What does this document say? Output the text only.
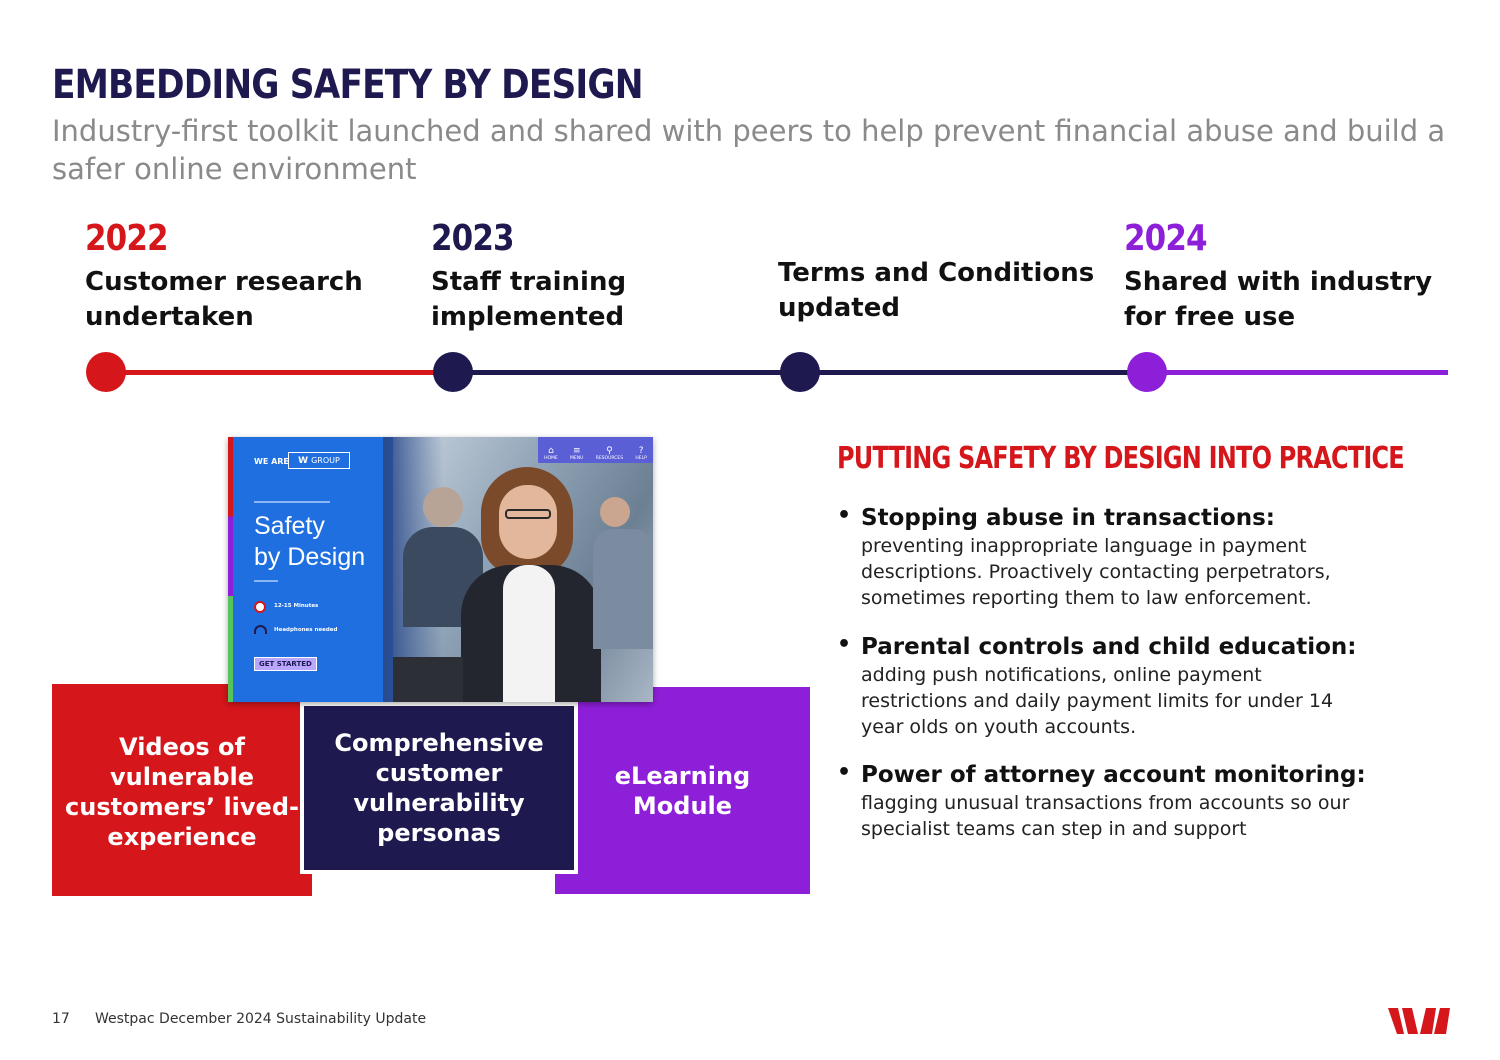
EMBEDDING SAFETY BY DESIGN

Industry-first toolkit launched and shared with peers to help prevent financial abuse and build a safer online environment

2022
Customer research undertaken
2023
Staff training implemented
Terms and Conditions updated
2024
Shared with industry for free use
Videos of vulnerable customers’ lived-experience
eLearning Module
Comprehensive customer vulnerability personas
WE ARE W GROUP
Safety
by Design
12-15 Minutes
Headphones needed
GET STARTED
⌂
HOME
≡
MENU
⚲
RESOURCES
?
HELP	PUTTING SAFETY BY DESIGN INTO PRACTICE
• Stopping abuse in transactions:
preventing inappropriate language in payment descriptions. Proactively contacting perpetrators, sometimes reporting them to law enforcement.
• Parental controls and child education:
adding push notifications, online payment restrictions and daily payment limits for under 14 year olds on youth accounts.
• Power of attorney account monitoring:
flagging unusual transactions from accounts so our specialist teams can step in and support
17 Westpac December 2024 Sustainability Update
